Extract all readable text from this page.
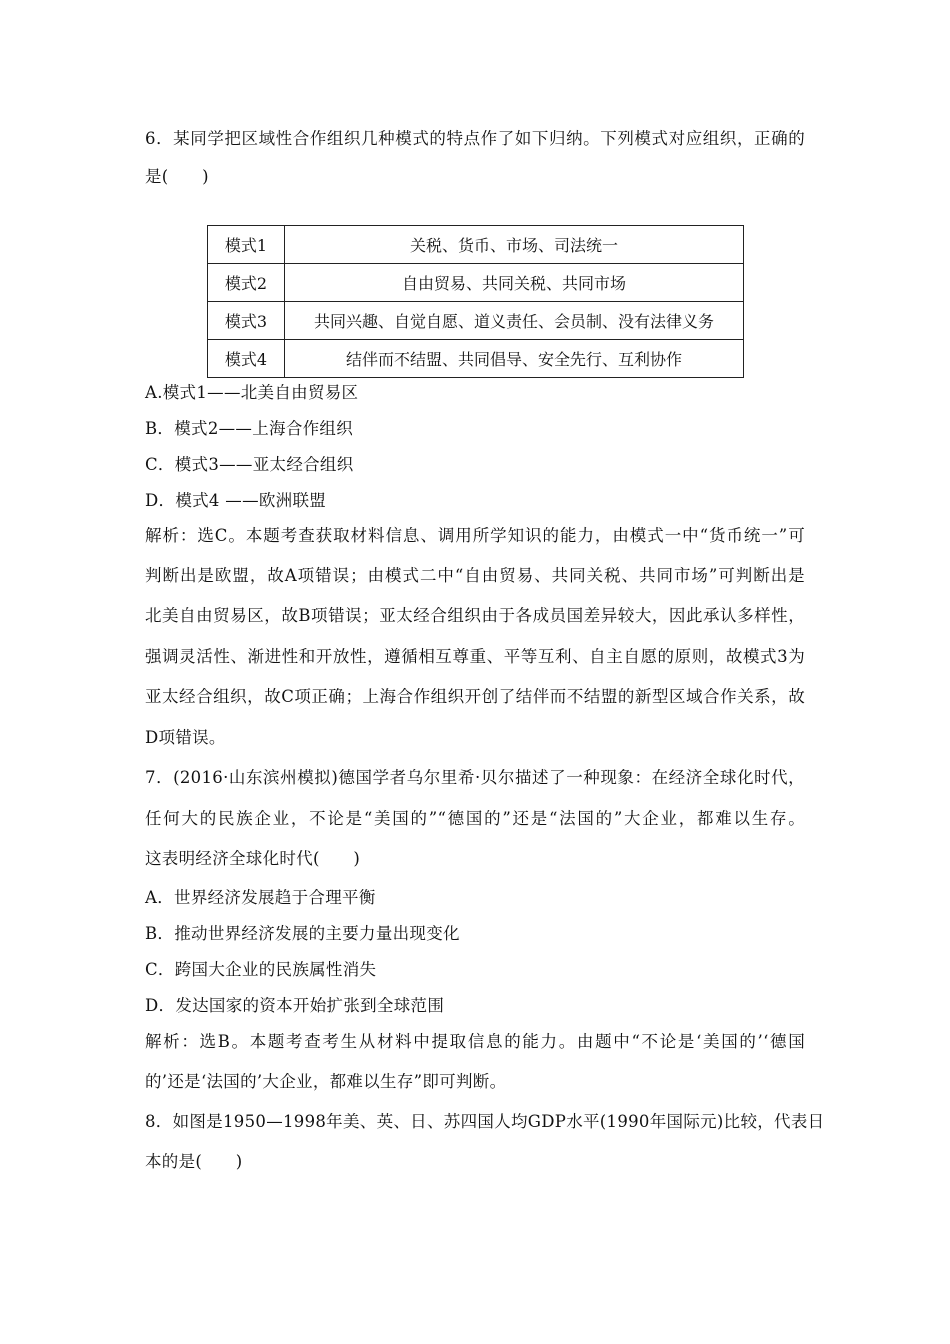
6．某同学把区域性合作组织几种模式的特点作了如下归纳。下列模式对应组织，正确的
是(　　)
模式1	关税、货币、市场、司法统一
模式2	自由贸易、共同关税、共同市场
模式3	共同兴趣、自觉自愿、道义责任、会员制、没有法律义务
模式4	结伴而不结盟、共同倡导、安全先行、互利协作
A.模式1——北美自由贸易区
B．模式2——上海合作组织
C．模式3——亚太经合组织
D．模式4 ——欧洲联盟
解析：选C。本题考查获取材料信息、调用所学知识的能力，由模式一中“货币统一”可
判断出是欧盟，故A项错误；由模式二中“自由贸易、共同关税、共同市场”可判断出是
北美自由贸易区，故B项错误；亚太经合组织由于各成员国差异较大，因此承认多样性，
强调灵活性、渐进性和开放性，遵循相互尊重、平等互利、自主自愿的原则，故模式3为
亚太经合组织，故C项正确；上海合作组织开创了结伴而不结盟的新型区域合作关系，故
D项错误。
7．(2016·山东滨州模拟)德国学者乌尔里希·贝尔描述了一种现象：在经济全球化时代，
任何大的民族企业，不论是“美国的”“德国的”还是“法国的”大企业，都难以生存。
这表明经济全球化时代(　　)
A．世界经济发展趋于合理平衡
B．推动世界经济发展的主要力量出现变化
C．跨国大企业的民族属性消失
D．发达国家的资本开始扩张到全球范围
解析：选B。本题考查考生从材料中提取信息的能力。由题中“不论是‘美国的’‘德国
的’还是‘法国的’大企业，都难以生存”即可判断。
8．如图是1950—1998年美、英、日、苏四国人均GDP水平(1990年国际元)比较，代表日
本的是(　　)
